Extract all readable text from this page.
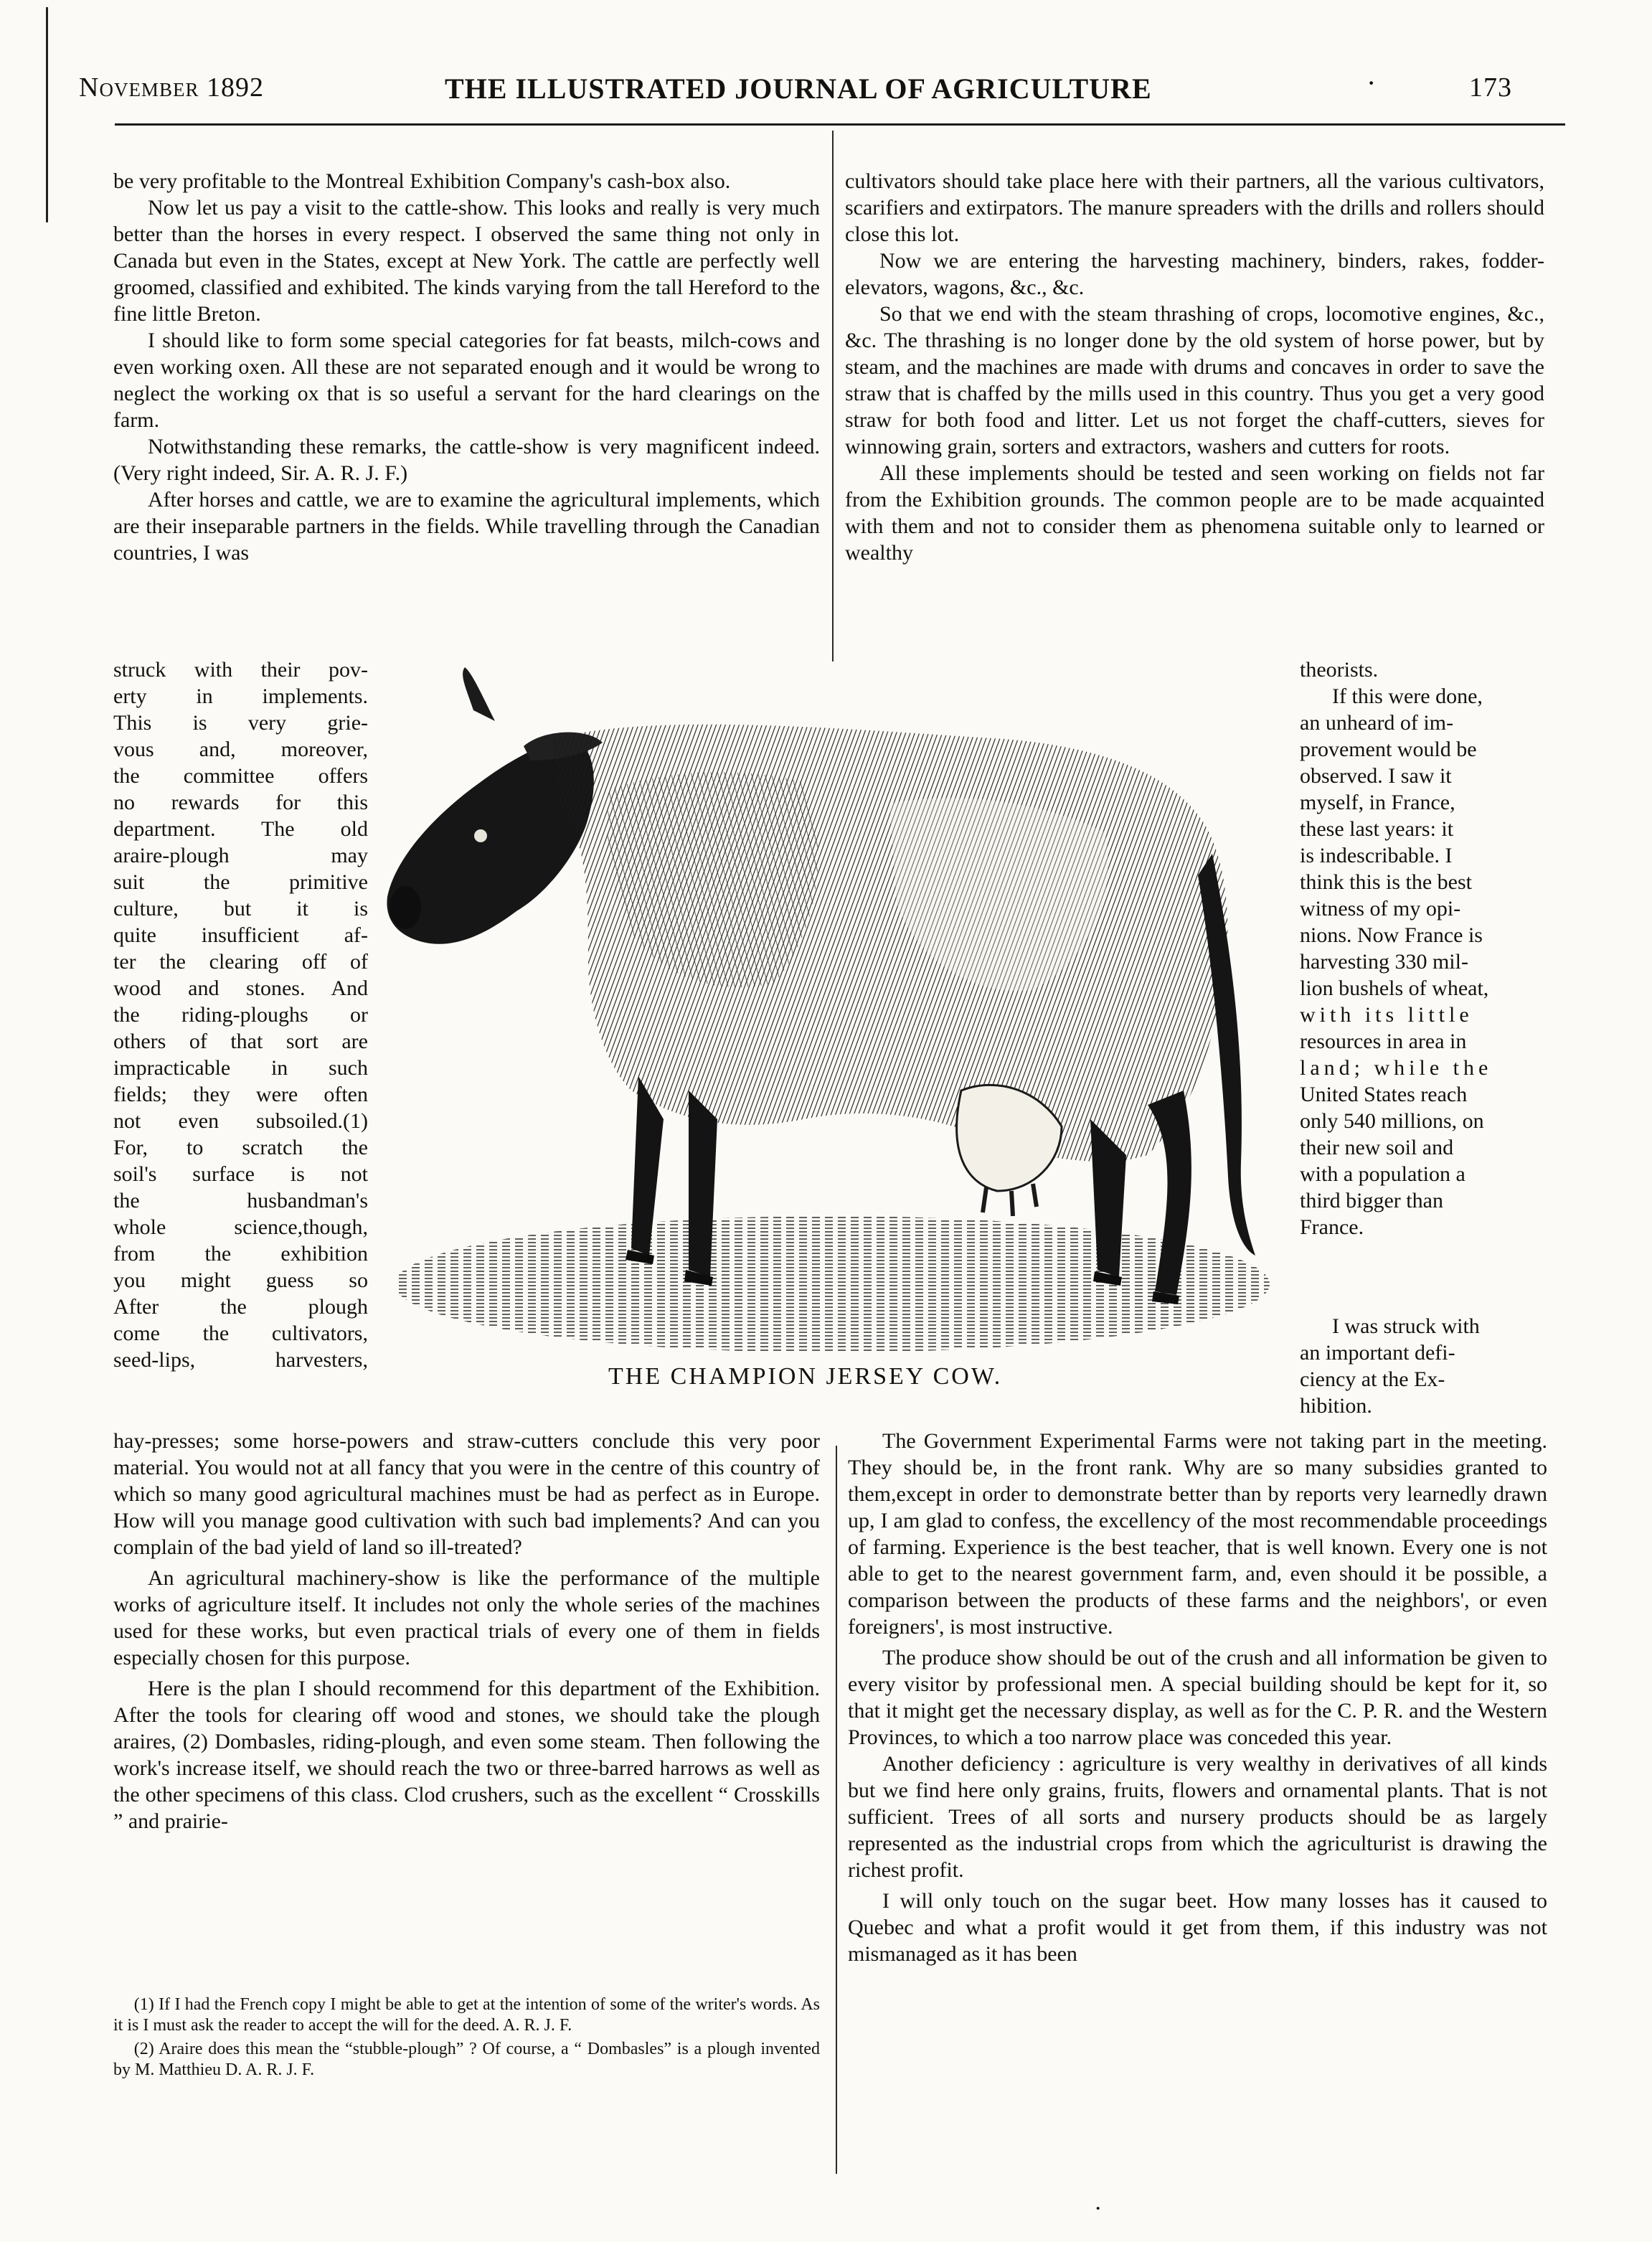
November 1892	THE ILLUSTRATED JOURNAL OF AGRICULTURE	·	173

be very profitable to the Montreal Exhibition Company's cash-box also.

Now let us pay a visit to the cattle-show. This looks and really is very much better than the horses in every respect. I observed the same thing not only in Canada but even in the States, except at New York. The cattle are perfectly well groomed, classified and exhibited. The kinds varying from the tall Hereford to the fine little Breton.

I should like to form some special categories for fat beasts, milch-cows and even working oxen. All these are not separated enough and it would be wrong to neglect the working ox that is so useful a servant for the hard clearings on the farm.

Notwithstanding these remarks, the cattle-show is very magnificent indeed. (Very right indeed, Sir. A. R. J. F.)

After horses and cattle, we are to examine the agricultural implements, which are their inseparable partners in the fields. While travelling through the Canadian countries, I was

cultivators should take place here with their partners, all the various cultivators, scarifiers and extirpators. The manure spreaders with the drills and rollers should close this lot.

Now we are entering the harvesting machinery, binders, rakes, fodder-elevators, wagons, &c., &c.

So that we end with the steam thrashing of crops, locomotive engines, &c., &c. The thrashing is no longer done by the old system of horse power, but by steam, and the machines are made with drums and concaves in order to save the straw that is chaffed by the mills used in this country. Thus you get a very good straw for both food and litter. Let us not forget the chaff-cutters, sieves for winnowing grain, sorters and extractors, washers and cutters for roots.

All these implements should be tested and seen working on fields not far from the Exhibition grounds. The common people are to be made acquainted with them and not to consider them as phenomena suitable only to learned or wealthy

struck with their pov-
erty in implements.
This is very grie-
vous and, moreover,
the committee offers
no rewards for this
department. The old
araire-plough may
suit the primitive
culture, but it is
quite insufficient af-
ter the clearing off of
wood and stones. And
the riding-ploughs or
others of that sort are
impracticable in such
fields; they were often
not even subsoiled.(1)
For, to scratch the
soil's surface is not
the husbandman's
whole science,though,
from the exhibition
you might guess so
After the plough
come the cultivators,
seed-lips, harvesters,
theorists.
If this were done,
an unheard of im-
provement would be
observed. I saw it
myself, in France,
these last years: it
is indescribable. I
think this is the best
witness of my opi-
nions. Now France is
harvesting 330 mil-
lion bushels of wheat,
with its little
resources in area in
land; while the
United States reach
only 540 millions, on
their new soil and
with a population a
third bigger than
France.
I was struck with
an important defi-
ciency at the Ex-
hibition.
THE CHAMPION JERSEY COW.

hay-presses; some horse-powers and straw-cutters conclude this very poor material. You would not at all fancy that you were in the centre of this country of which so many good agricultural machines must be had as perfect as in Europe. How will you manage good cultivation with such bad implements? And can you complain of the bad yield of land so ill-treated?

An agricultural machinery-show is like the performance of the multiple works of agriculture itself. It includes not only the whole series of the machines used for these works, but even practical trials of every one of them in fields especially chosen for this purpose.

Here is the plan I should recommend for this department of the Exhibition. After the tools for clearing off wood and stones, we should take the plough araires, (2) Dombasles, riding-plough, and even some steam. Then following the work's increase itself, we should reach the two or three-barred harrows as well as the other specimens of this class. Clod crushers, such as the excellent “ Crosskills ” and prairie-

(1) If I had the French copy I might be able to get at the intention of some of the writer's words. As it is I must ask the reader to accept the will for the deed. A. R. J. F.

(2) Araire does this mean the “stubble-plough” ? Of course, a “ Dombasles” is a plough invented by M. Matthieu D. A. R. J. F.

The Government Experimental Farms were not taking part in the meeting. They should be, in the front rank. Why are so many subsidies granted to them,except in order to demonstrate better than by reports very learnedly drawn up, I am glad to confess, the excellency of the most recommendable proceedings of farming. Experience is the best teacher, that is well known. Every one is not able to get to the nearest government farm, and, even should it be possible, a comparison between the products of these farms and the neighbors', or even foreigners', is most instructive.

The produce show should be out of the crush and all information be given to every visitor by professional men. A special building should be kept for it, so that it might get the necessary display, as well as for the C. P. R. and the Western Provinces, to which a too narrow place was conceded this year.

Another deficiency : agriculture is very wealthy in derivatives of all kinds but we find here only grains, fruits, flowers and ornamental plants. That is not sufficient. Trees of all sorts and nursery products should be as largely represented as the industrial crops from which the agriculturist is drawing the richest profit.

I will only touch on the sugar beet. How many losses has it caused to Quebec and what a profit would it get from them, if this industry was not mismanaged as it has been

·
